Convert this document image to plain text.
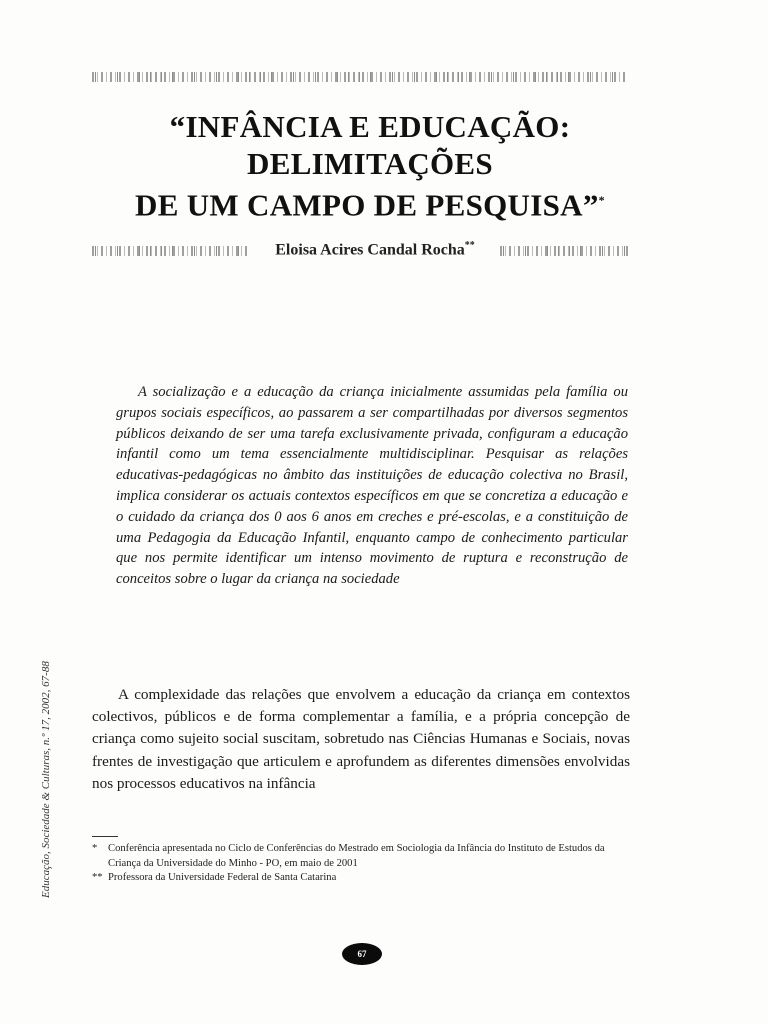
“INFÂNCIA E EDUCAÇÃO:
DELIMITAÇÕES
DE UM CAMPO DE PESQUISA”*
Eloisa Acires Candal Rocha**

A socialização e a educação da criança inicialmente assumidas pela família ou grupos sociais específicos, ao passarem a ser compartilhadas por diversos segmentos públicos deixando de ser uma tarefa exclusivamente privada, configuram a educação infantil como um tema essencialmente multidisciplinar. Pesquisar as relações educativas-pedagógicas no âmbito das instituições de educação colectiva no Brasil, implica considerar os actuais contextos específicos em que se concretiza a educação e o cuidado da criança dos 0 aos 6 anos em creches e pré-escolas, e a constituição de uma Pedagogia da Educação Infantil, enquanto campo de conhecimento particular que nos permite identificar um intenso movimento de ruptura e reconstrução de conceitos sobre o lugar da criança na sociedade

A complexidade das relações que envolvem a educação da criança em contextos colectivos, públicos e de forma complementar a família, e a própria concepção de criança como sujeito social suscitam, sobretudo nas Ciências Humanas e Sociais, novas frentes de investigação que articulem e aprofundem as diferentes dimensões envolvidas nos processos educativos na infância

* Conferência apresentada no Ciclo de Conferências do Mestrado em Sociologia da Infância do Instituto de Estudos da Criança da Universidade do Minho - PO, em maio de 2001
** Professora da Universidade Federal de Santa Catarina
Educação, Sociedade & Culturas, n.º 17, 2002, 67-88
67
